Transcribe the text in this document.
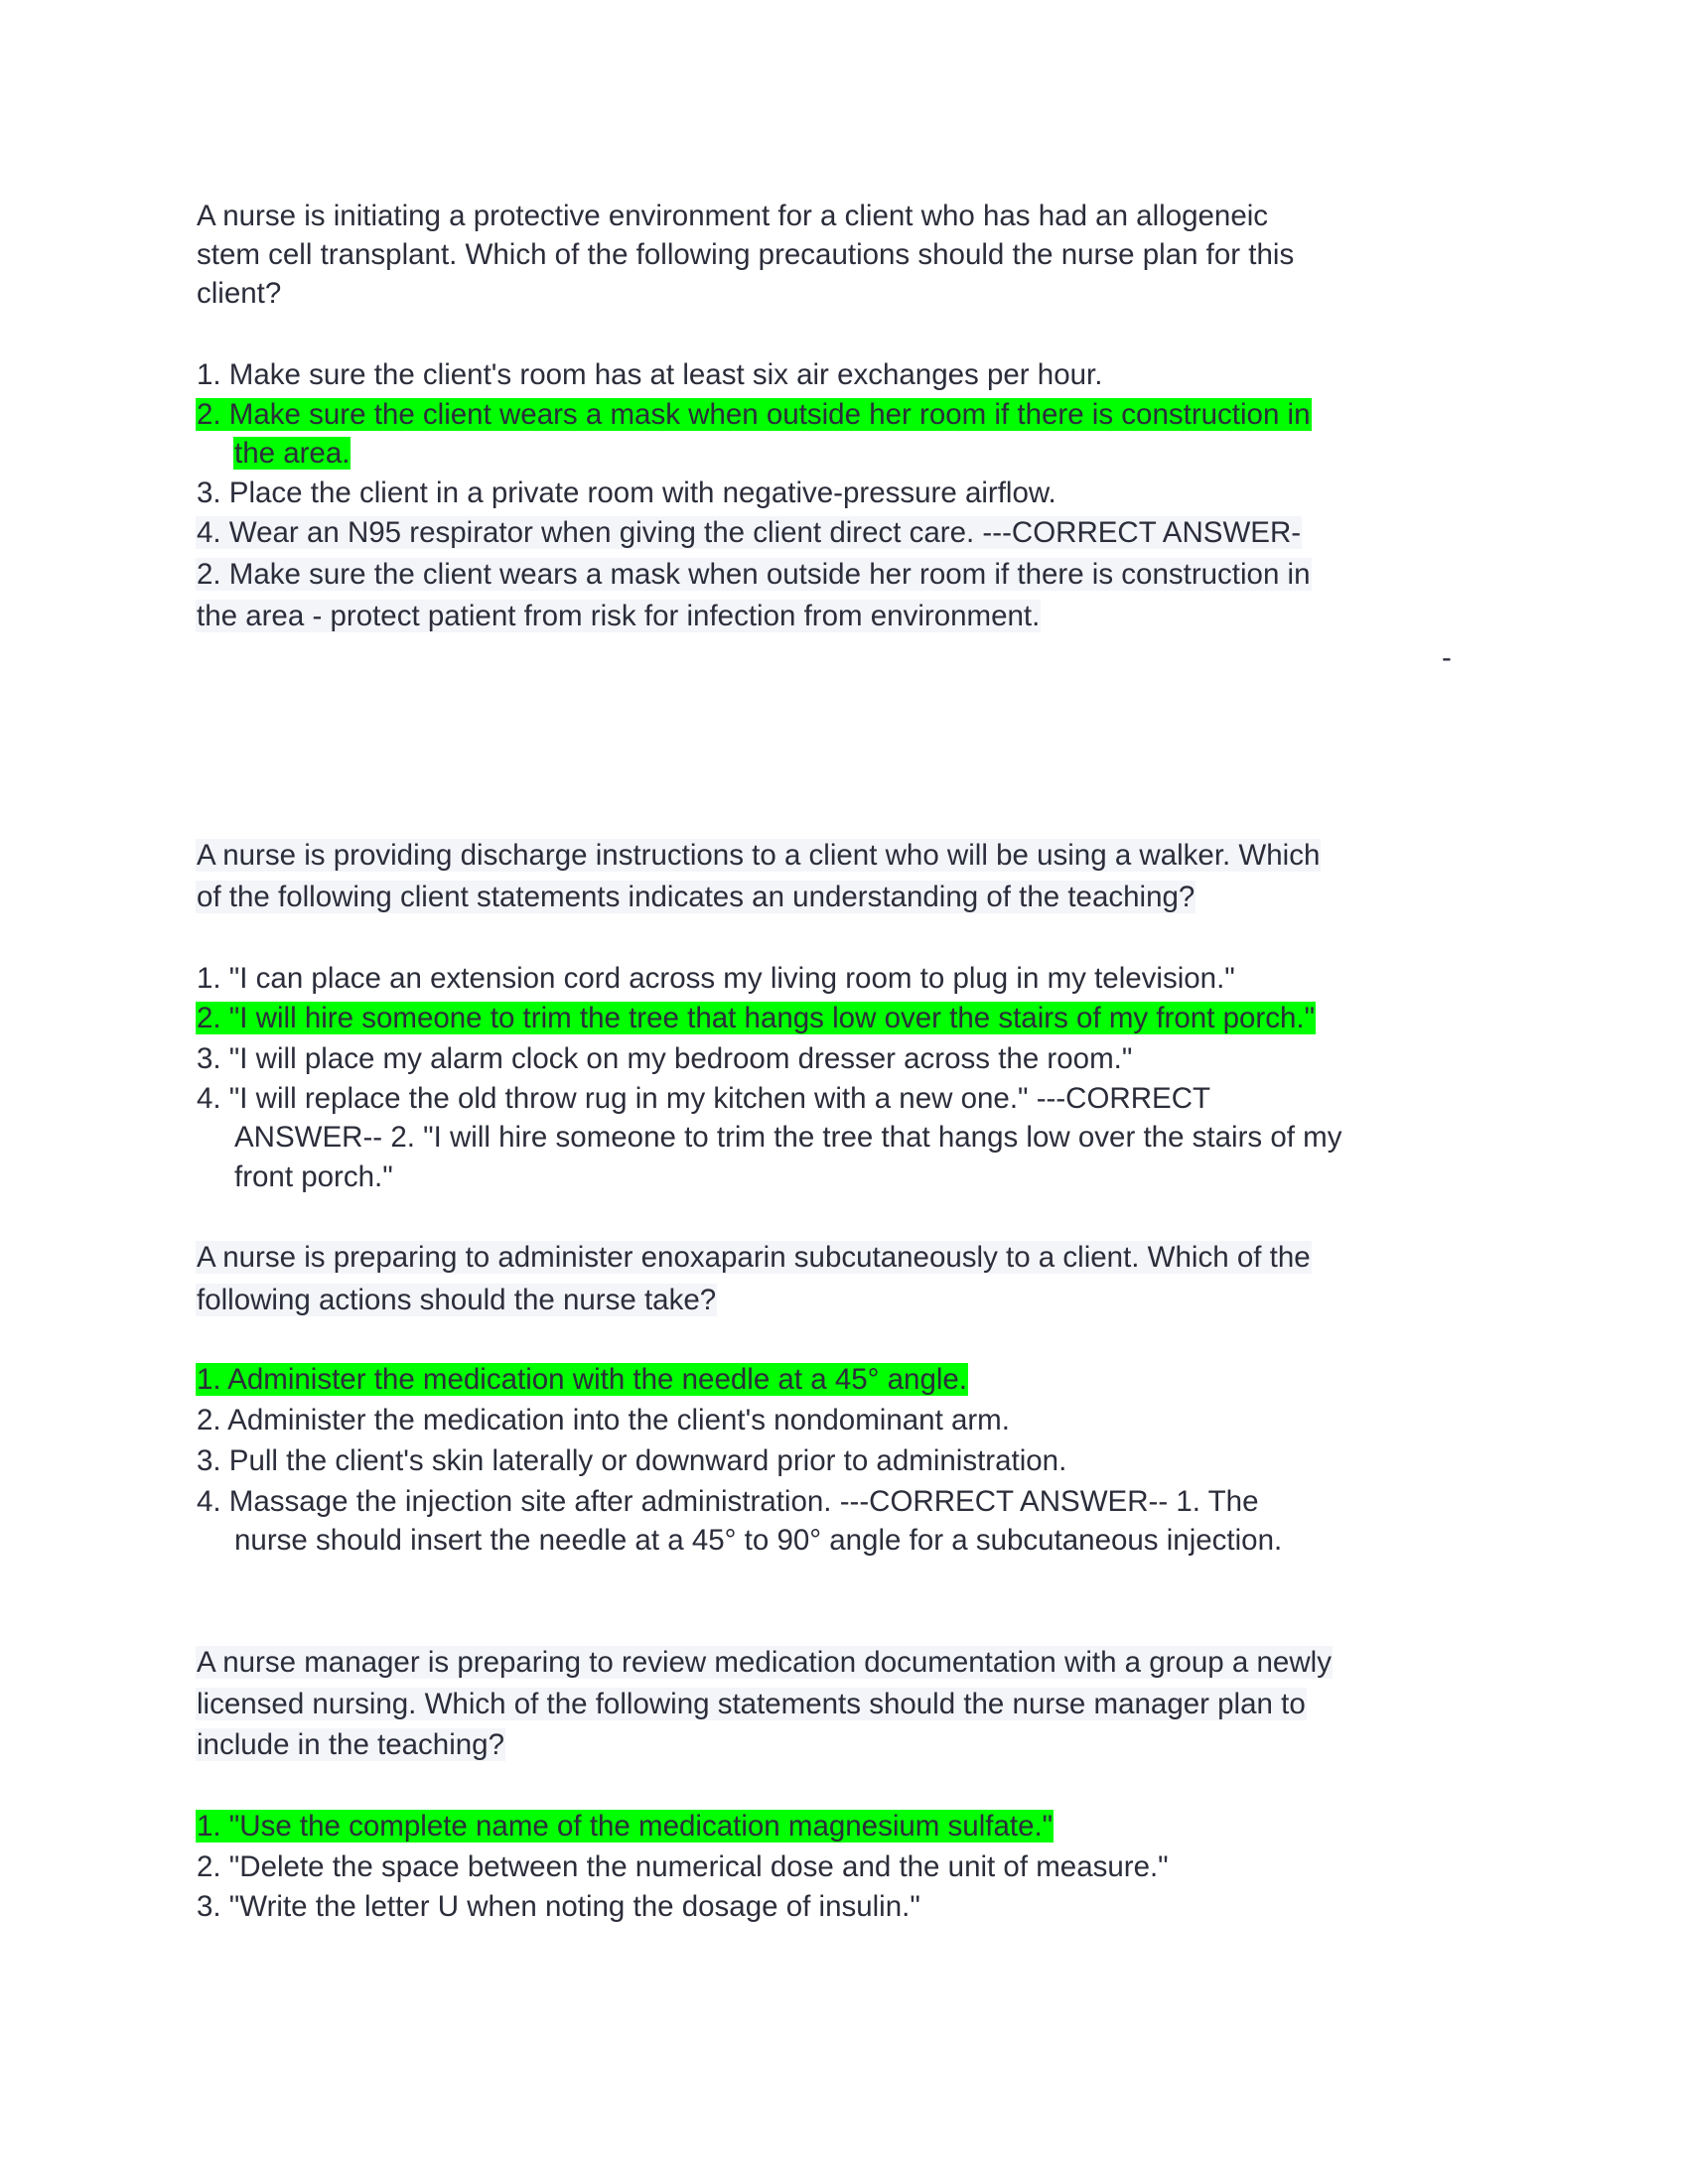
A nurse is initiating a protective environment for a client who has had an allogeneic
stem cell transplant. Which of the following precautions should the nurse plan for this
client?
1. Make sure the client's room has at least six air exchanges per hour.
2. Make sure the client wears a mask when outside her room if there is construction in
the area.
3. Place the client in a private room with negative-pressure airflow.
4. Wear an N95 respirator when giving the client direct care. ---CORRECT ANSWER-
2. Make sure the client wears a mask when outside her room if there is construction in
the area - protect patient from risk for infection from environment.
-
A nurse is providing discharge instructions to a client who will be using a walker. Which
of the following client statements indicates an understanding of the teaching?
1. "I can place an extension cord across my living room to plug in my television."
2. "I will hire someone to trim the tree that hangs low over the stairs of my front porch."
3. "I will place my alarm clock on my bedroom dresser across the room."
4. "I will replace the old throw rug in my kitchen with a new one." ---CORRECT
ANSWER-- 2. "I will hire someone to trim the tree that hangs low over the stairs of my
front porch."
A nurse is preparing to administer enoxaparin subcutaneously to a client. Which of the
following actions should the nurse take?
1. Administer the medication with the needle at a 45° angle.
2. Administer the medication into the client's nondominant arm.
3. Pull the client's skin laterally or downward prior to administration.
4. Massage the injection site after administration. ---CORRECT ANSWER-- 1. The
nurse should insert the needle at a 45° to 90° angle for a subcutaneous injection.
A nurse manager is preparing to review medication documentation with a group a newly
licensed nursing. Which of the following statements should the nurse manager plan to
include in the teaching?
1. "Use the complete name of the medication magnesium sulfate."
2. "Delete the space between the numerical dose and the unit of measure."
3. "Write the letter U when noting the dosage of insulin."
